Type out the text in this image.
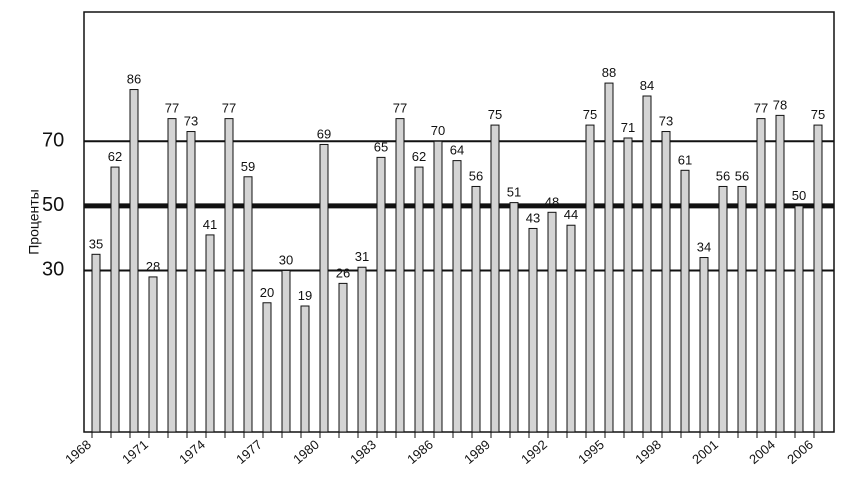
70
50
30
35
62
86
28
77
73
41
77
59
20
30
19
69
26
31
65
77
62
70
64
56
75
51
43
48
44
75
88
71
84
73
61
34
56 56
77 78
50
75
1968 1971 1974 1977 1980 1983 1986 1989 1992 1995 1998 2001 2004 2006
Проценты
